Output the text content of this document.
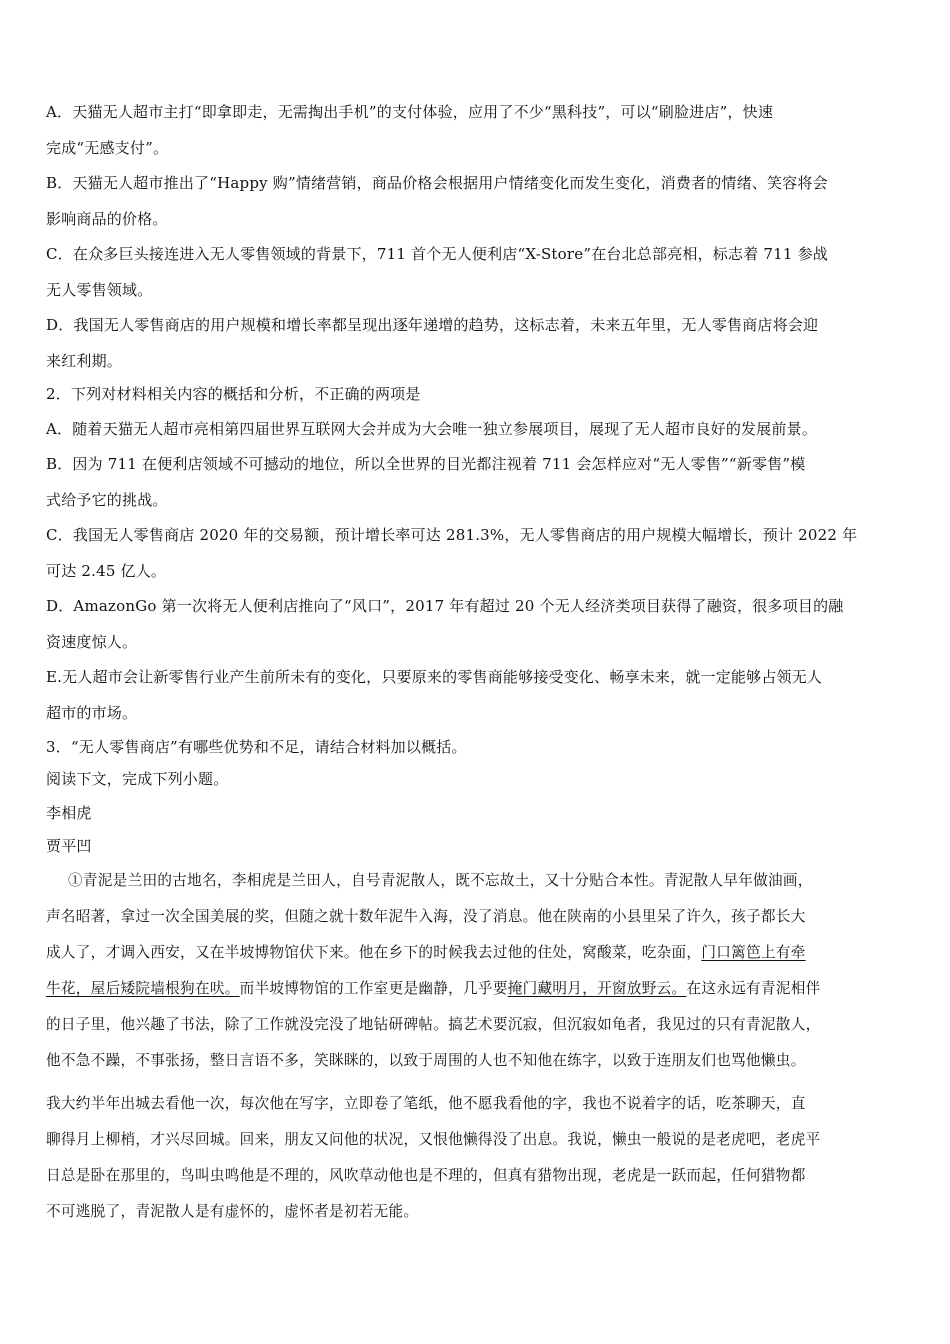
A．天猫无人超市主打“即拿即走，无需掏出手机”的支付体验，应用了不少“黑科技”，可以“刷脸进店”，快速
完成“无感支付”。
B．天猫无人超市推出了“Happy 购”情绪营销，商品价格会根据用户情绪变化而发生变化，消费者的情绪、笑容将会
影响商品的价格。
C．在众多巨头接连进入无人零售领域的背景下，711 首个无人便利店“X-Store”在台北总部亮相，标志着 711 参战
无人零售领域。
D．我国无人零售商店的用户规模和增长率都呈现出逐年递增的趋势，这标志着，未来五年里，无人零售商店将会迎
来红利期。
2．下列对材料相关内容的概括和分析，不正确的两项是
A．随着天猫无人超市亮相第四届世界互联网大会并成为大会唯一独立参展项目，展现了无人超市良好的发展前景。
B．因为 711 在便利店领域不可撼动的地位，所以全世界的目光都注视着 711 会怎样应对“无人零售”“新零售”模
式给予它的挑战。
C．我国无人零售商店 2020 年的交易额，预计增长率可达 281.3%，无人零售商店的用户规模大幅增长，预计 2022 年
可达 2.45 亿人。
D．AmazonGo 第一次将无人便利店推向了“风口”，2017 年有超过 20 个无人经济类项目获得了融资，很多项目的融
资速度惊人。
E.无人超市会让新零售行业产生前所未有的变化，只要原来的零售商能够接受变化、畅享未来，就一定能够占领无人
超市的市场。
3．“无人零售商店”有哪些优势和不足，请结合材料加以概括。
阅读下文，完成下列小题。
李相虎
贾平凹
①青泥是兰田的古地名，李相虎是兰田人，自号青泥散人，既不忘故土，又十分贴合本性。青泥散人早年做油画，
声名昭著，拿过一次全国美展的奖，但随之就十数年泥牛入海，没了消息。他在陕南的小县里呆了许久，孩子都长大
成人了，才调入西安，又在半坡博物馆伏下来。他在乡下的时候我去过他的住处，窝酸菜，吃杂面，门口篱笆上有牵
牛花，屋后矮院墙根狗在吠。而半坡博物馆的工作室更是幽静，几乎要掩门藏明月，开窗放野云。在这永远有青泥相伴
的日子里，他兴趣了书法，除了工作就没完没了地钻研碑帖。搞艺术要沉寂，但沉寂如龟者，我见过的只有青泥散人，
他不急不躁，不事张扬，整日言语不多，笑眯眯的，以致于周围的人也不知他在练字，以致于连朋友们也骂他懒虫。
我大约半年出城去看他一次，每次他在写字，立即卷了笔纸，他不愿我看他的字，我也不说着字的话，吃茶聊天，直
聊得月上柳梢，才兴尽回城。回来，朋友又问他的状况，又恨他懒得没了出息。我说，懒虫一般说的是老虎吧，老虎平
日总是卧在那里的，鸟叫虫鸣他是不理的，风吹草动他也是不理的，但真有猎物出现，老虎是一跃而起，任何猎物都
不可逃脱了，青泥散人是有虚怀的，虚怀者是初若无能。
